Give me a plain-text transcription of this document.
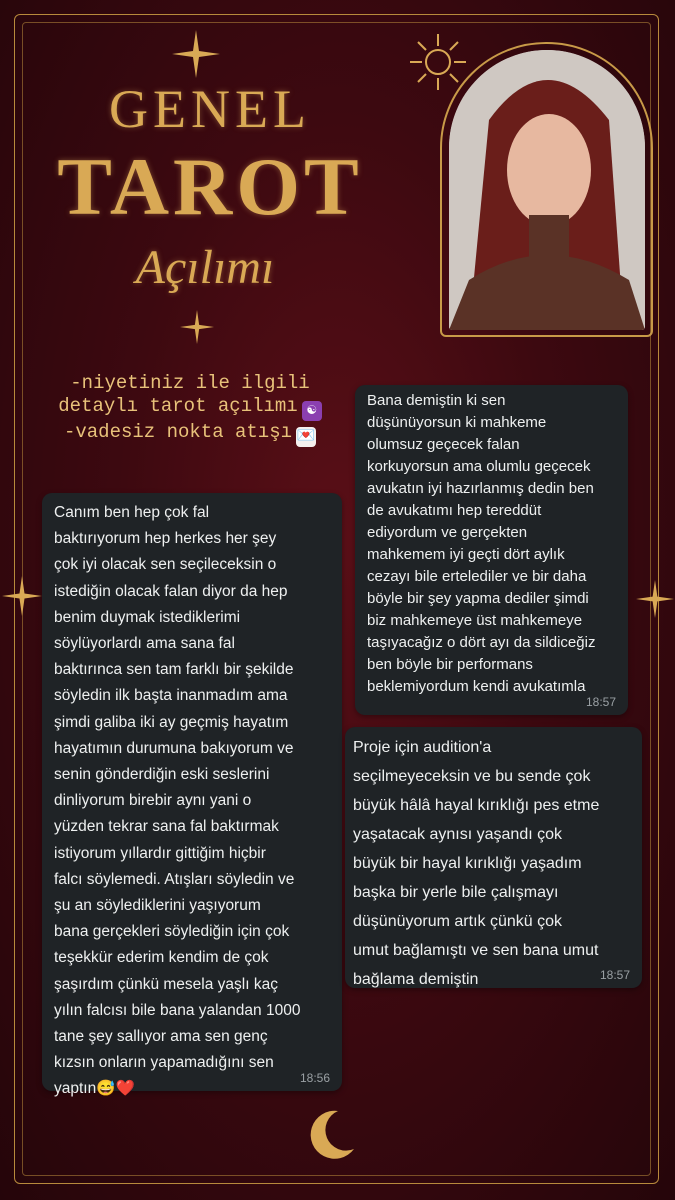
GENEL
TAROT
Açılımı
-niyetiniz ile ilgili
detaylı tarot açılımı ☯
-vadesiz nokta atışı 💌
Bana demiştin ki sen
düşünüyorsun ki mahkeme
olumsuz geçecek falan
korkuyorsun ama olumlu geçecek
avukatın iyi hazırlanmış dedin ben
de avukatımı hep tereddüt
ediyordum ve gerçekten
mahkemem iyi geçti dört aylık
cezayı bile ertelediler ve bir daha
böyle bir şey yapma dediler şimdi
biz mahkemeye üst mahkemeye
taşıyacağız o dört ayı da sildiceğiz
ben böyle bir performans
beklemiyordum kendi avukatımla
18:57
Canım ben hep çok fal
baktırıyorum hep herkes her şey
çok iyi olacak sen seçileceksin o
istediğin olacak falan diyor da hep
benim duymak istediklerimi
söylüyorlardı ama sana fal
baktırınca sen tam farklı bir şekilde
söyledin ilk başta inanmadım ama
şimdi galiba iki ay geçmiş hayatım
hayatımın durumuna bakıyorum ve
senin gönderdiğin eski seslerini
dinliyorum birebir aynı yani o
yüzden tekrar sana fal baktırmak
istiyorum yıllardır gittiğim hiçbir
falcı söylemedi. Atışları söyledin ve
şu an söylediklerini yaşıyorum
bana gerçekleri söylediğin için çok
teşekkür ederim kendim de çok
şaşırdım çünkü mesela yaşlı kaç
yılın falcısı bile bana yalandan 1000
tane şey sallıyor ama sen genç
kızsın onların yapamadığını sen
yaptın😅❤️
18:56
Proje için audition'a
seçilmeyeceksin ve bu sende çok
büyük hâlâ hayal kırıklığı pes etme
yaşatacak aynısı yaşandı çok
büyük bir hayal kırıklığı yaşadım
başka bir yerle bile çalışmayı
düşünüyorum artık çünkü çok
umut bağlamıştı ve sen bana umut
bağlama demiştin	18:57
